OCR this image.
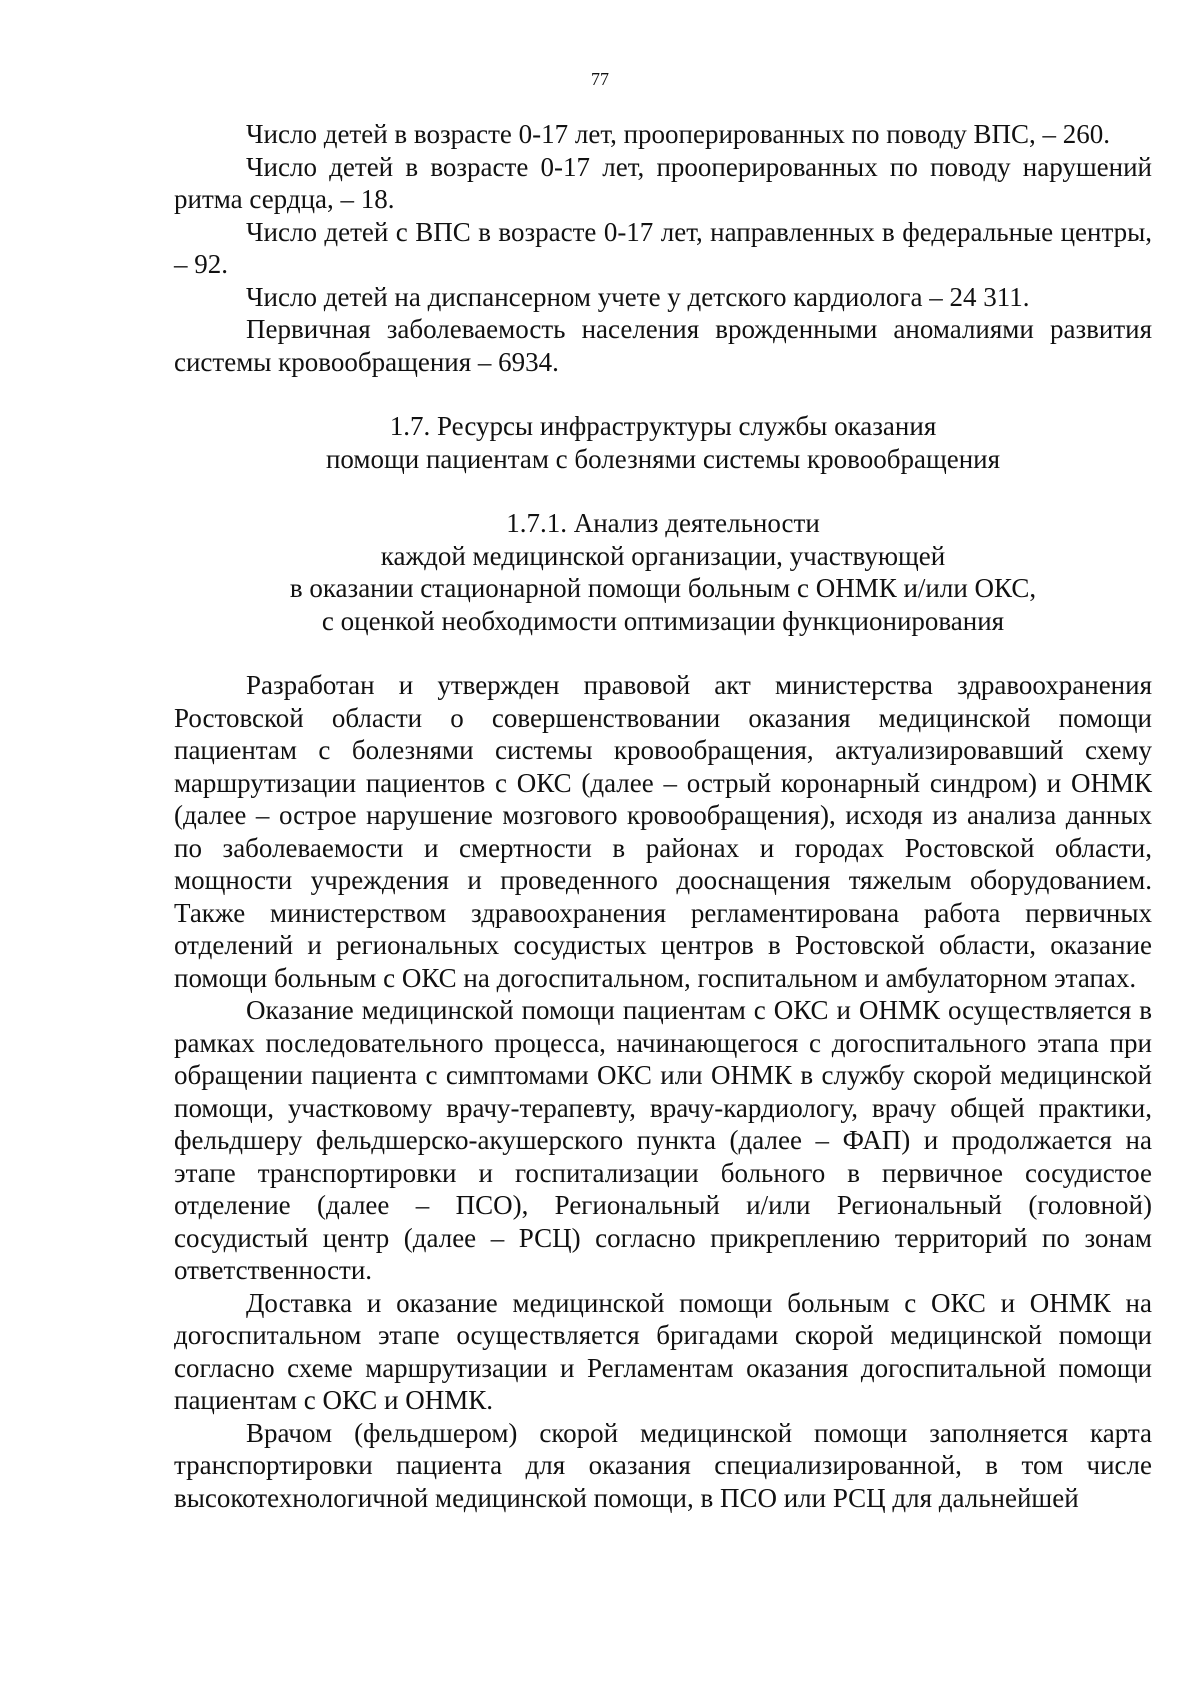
77

Число детей в возрасте 0-17 лет, прооперированных по поводу ВПС, – 260.

Число детей в возрасте 0-17 лет, прооперированных по поводу нарушений ритма сердца, – 18.

Число детей с ВПС в возрасте 0-17 лет, направленных в федеральные центры, – 92.

Число детей на диспансерном учете у детского кардиолога – 24 311.

Первичная заболеваемость населения врожденными аномалиями развития системы кровообращения – 6934.

1.7. Ресурсы инфраструктуры службы оказания
помощи пациентам с болезнями системы кровообращения
1.7.1. Анализ деятельности
каждой медицинской организации, участвующей
в оказании стационарной помощи больным с ОНМК и/или ОКС,
с оценкой необходимости оптимизации функционирования

Разработан и утвержден правовой акт министерства здравоохранения Ростовской области о совершенствовании оказания медицинской помощи пациентам с болезнями системы кровообращения, актуализировавший схему маршрутизации пациентов с ОКС (далее – острый коронарный синдром) и ОНМК (далее – острое нарушение мозгового кровообращения), исходя из анализа данных по заболеваемости и смертности в районах и городах Ростовской области, мощности учреждения и проведенного дооснащения тяжелым оборудованием. Также министерством здравоохранения регламентирована работа первичных отделений и региональных сосудистых центров в Ростовской области, оказание помощи больным с ОКС на догоспитальном, госпитальном и амбулаторном этапах.

Оказание медицинской помощи пациентам с ОКС и ОНМК осуществляется в рамках последовательного процесса, начинающегося с догоспитального этапа при обращении пациента с симптомами ОКС или ОНМК в службу скорой медицинской помощи, участковому врачу-терапевту, врачу-кардиологу, врачу общей практики, фельдшеру фельдшерско-акушерского пункта (далее – ФАП) и продолжается на этапе транспортировки и госпитализации больного в первичное сосудистое отделение (далее – ПСО), Региональный и/или Региональный (головной) сосудистый центр (далее – РСЦ) согласно прикреплению территорий по зонам ответственности.

Доставка и оказание медицинской помощи больным с ОКС и ОНМК на догоспитальном этапе осуществляется бригадами скорой медицинской помощи согласно схеме маршрутизации и Регламентам оказания догоспитальной помощи пациентам с ОКС и ОНМК.

Врачом (фельдшером) скорой медицинской помощи заполняется карта транспортировки пациента для оказания специализированной, в том числе высокотехнологичной медицинской помощи, в ПСО или РСЦ для дальнейшей
